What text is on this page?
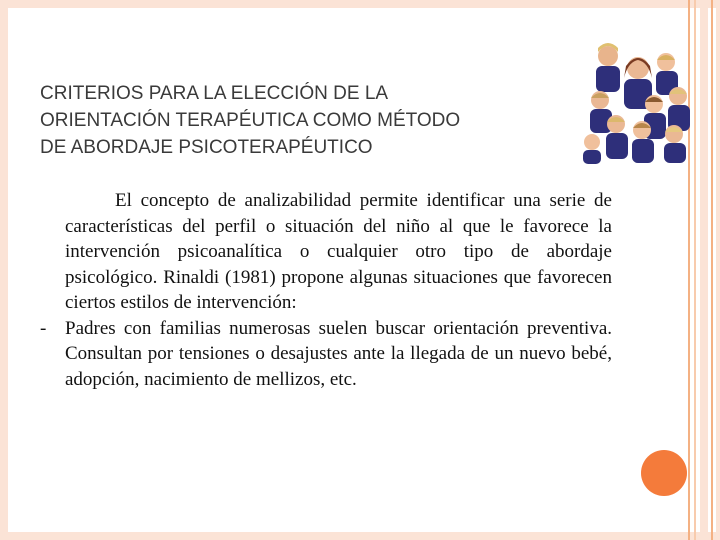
CRITERIOS PARA LA ELECCIÓN DE LA
ORIENTACIÓN TERAPÉUTICA COMO MÉTODO
DE ABORDAJE PSICOTERAPÉUTICO

El concepto de analizabilidad permite identificar una serie de características del perfil o situación del niño al que le favorece la intervención psicoanalítica o cualquier otro tipo de abordaje psicológico. Rinaldi (1981) propone algunas situaciones que favorecen ciertos estilos de intervención:

- Padres con familias numerosas suelen buscar orientación preventiva. Consultan por tensiones o desajustes ante la llegada de un nuevo bebé, adopción, nacimiento de mellizos, etc.
